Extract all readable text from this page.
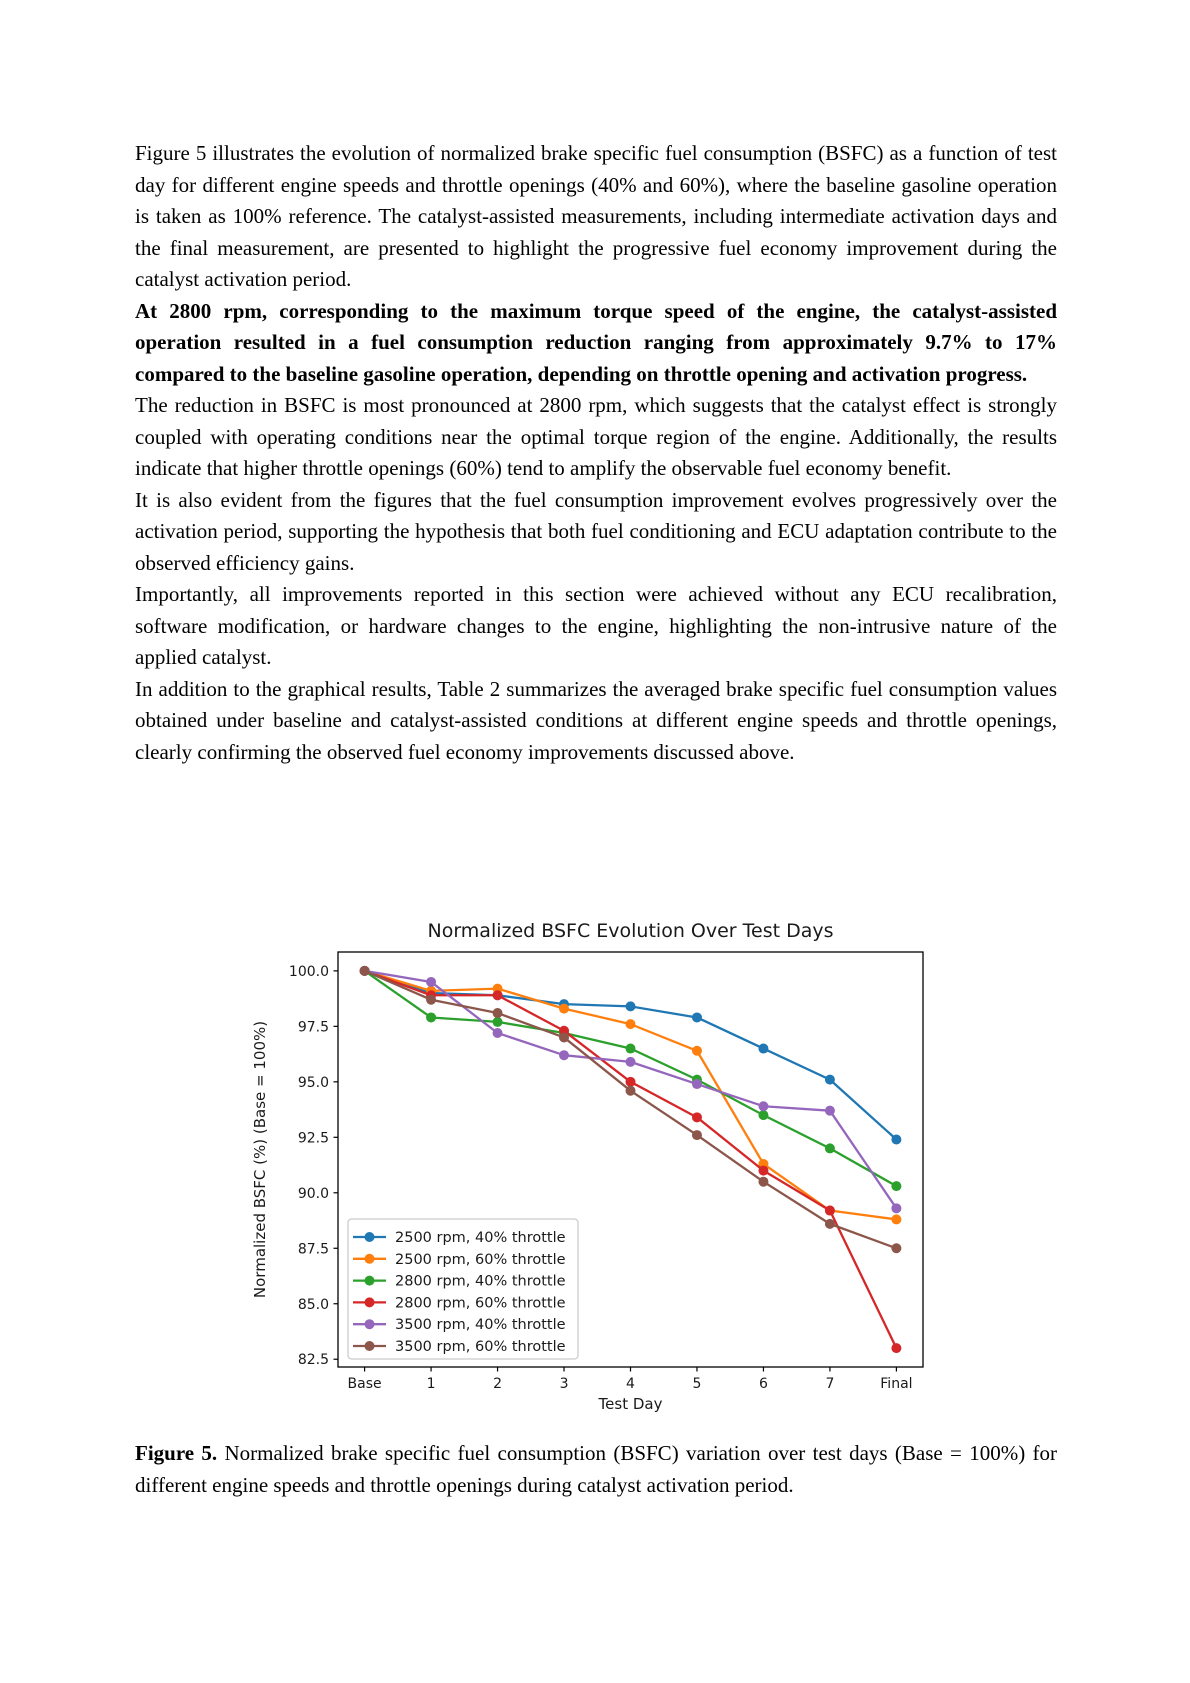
Figure 5 illustrates the evolution of normalized brake specific fuel consumption (BSFC) as a function of test day for different engine speeds and throttle openings (40% and 60%), where the baseline gasoline operation is taken as 100% reference. The catalyst-assisted measurements, including intermediate activation days and the final measurement, are presented to highlight the progressive fuel economy improvement during the catalyst activation period.

At 2800 rpm, corresponding to the maximum torque speed of the engine, the catalyst-assisted operation resulted in a fuel consumption reduction ranging from approximately 9.7% to 17% compared to the baseline gasoline operation, depending on throttle opening and activation progress.

The reduction in BSFC is most pronounced at 2800 rpm, which suggests that the catalyst effect is strongly coupled with operating conditions near the optimal torque region of the engine. Additionally, the results indicate that higher throttle openings (60%) tend to amplify the observable fuel economy benefit.

It is also evident from the figures that the fuel consumption improvement evolves progressively over the activation period, supporting the hypothesis that both fuel conditioning and ECU adaptation contribute to the observed efficiency gains.

Importantly, all improvements reported in this section were achieved without any ECU recalibration, software modification, or hardware changes to the engine, highlighting the non-intrusive nature of the applied catalyst.

In addition to the graphical results, Table 2 summarizes the averaged brake specific fuel consumption values obtained under baseline and catalyst-assisted conditions at different engine speeds and throttle openings, clearly confirming the observed fuel economy improvements discussed above.

Normalized BSFC Evolution Over Test Days
Base	1	2	3	4	5	6	7	Final
82.5
85.0
87.5
90.0
92.5
95.0
97.5
100.0
Test Day
Normalized BSFC (%) (Base = 100%)	2500 rpm, 40% throttle
2500 rpm, 60% throttle
2800 rpm, 40% throttle
2800 rpm, 60% throttle
3500 rpm, 40% throttle
3500 rpm, 60% throttle
Figure 5. Normalized brake specific fuel consumption (BSFC) variation over test days (Base = 100%) for different engine speeds and throttle openings during catalyst activation period.
